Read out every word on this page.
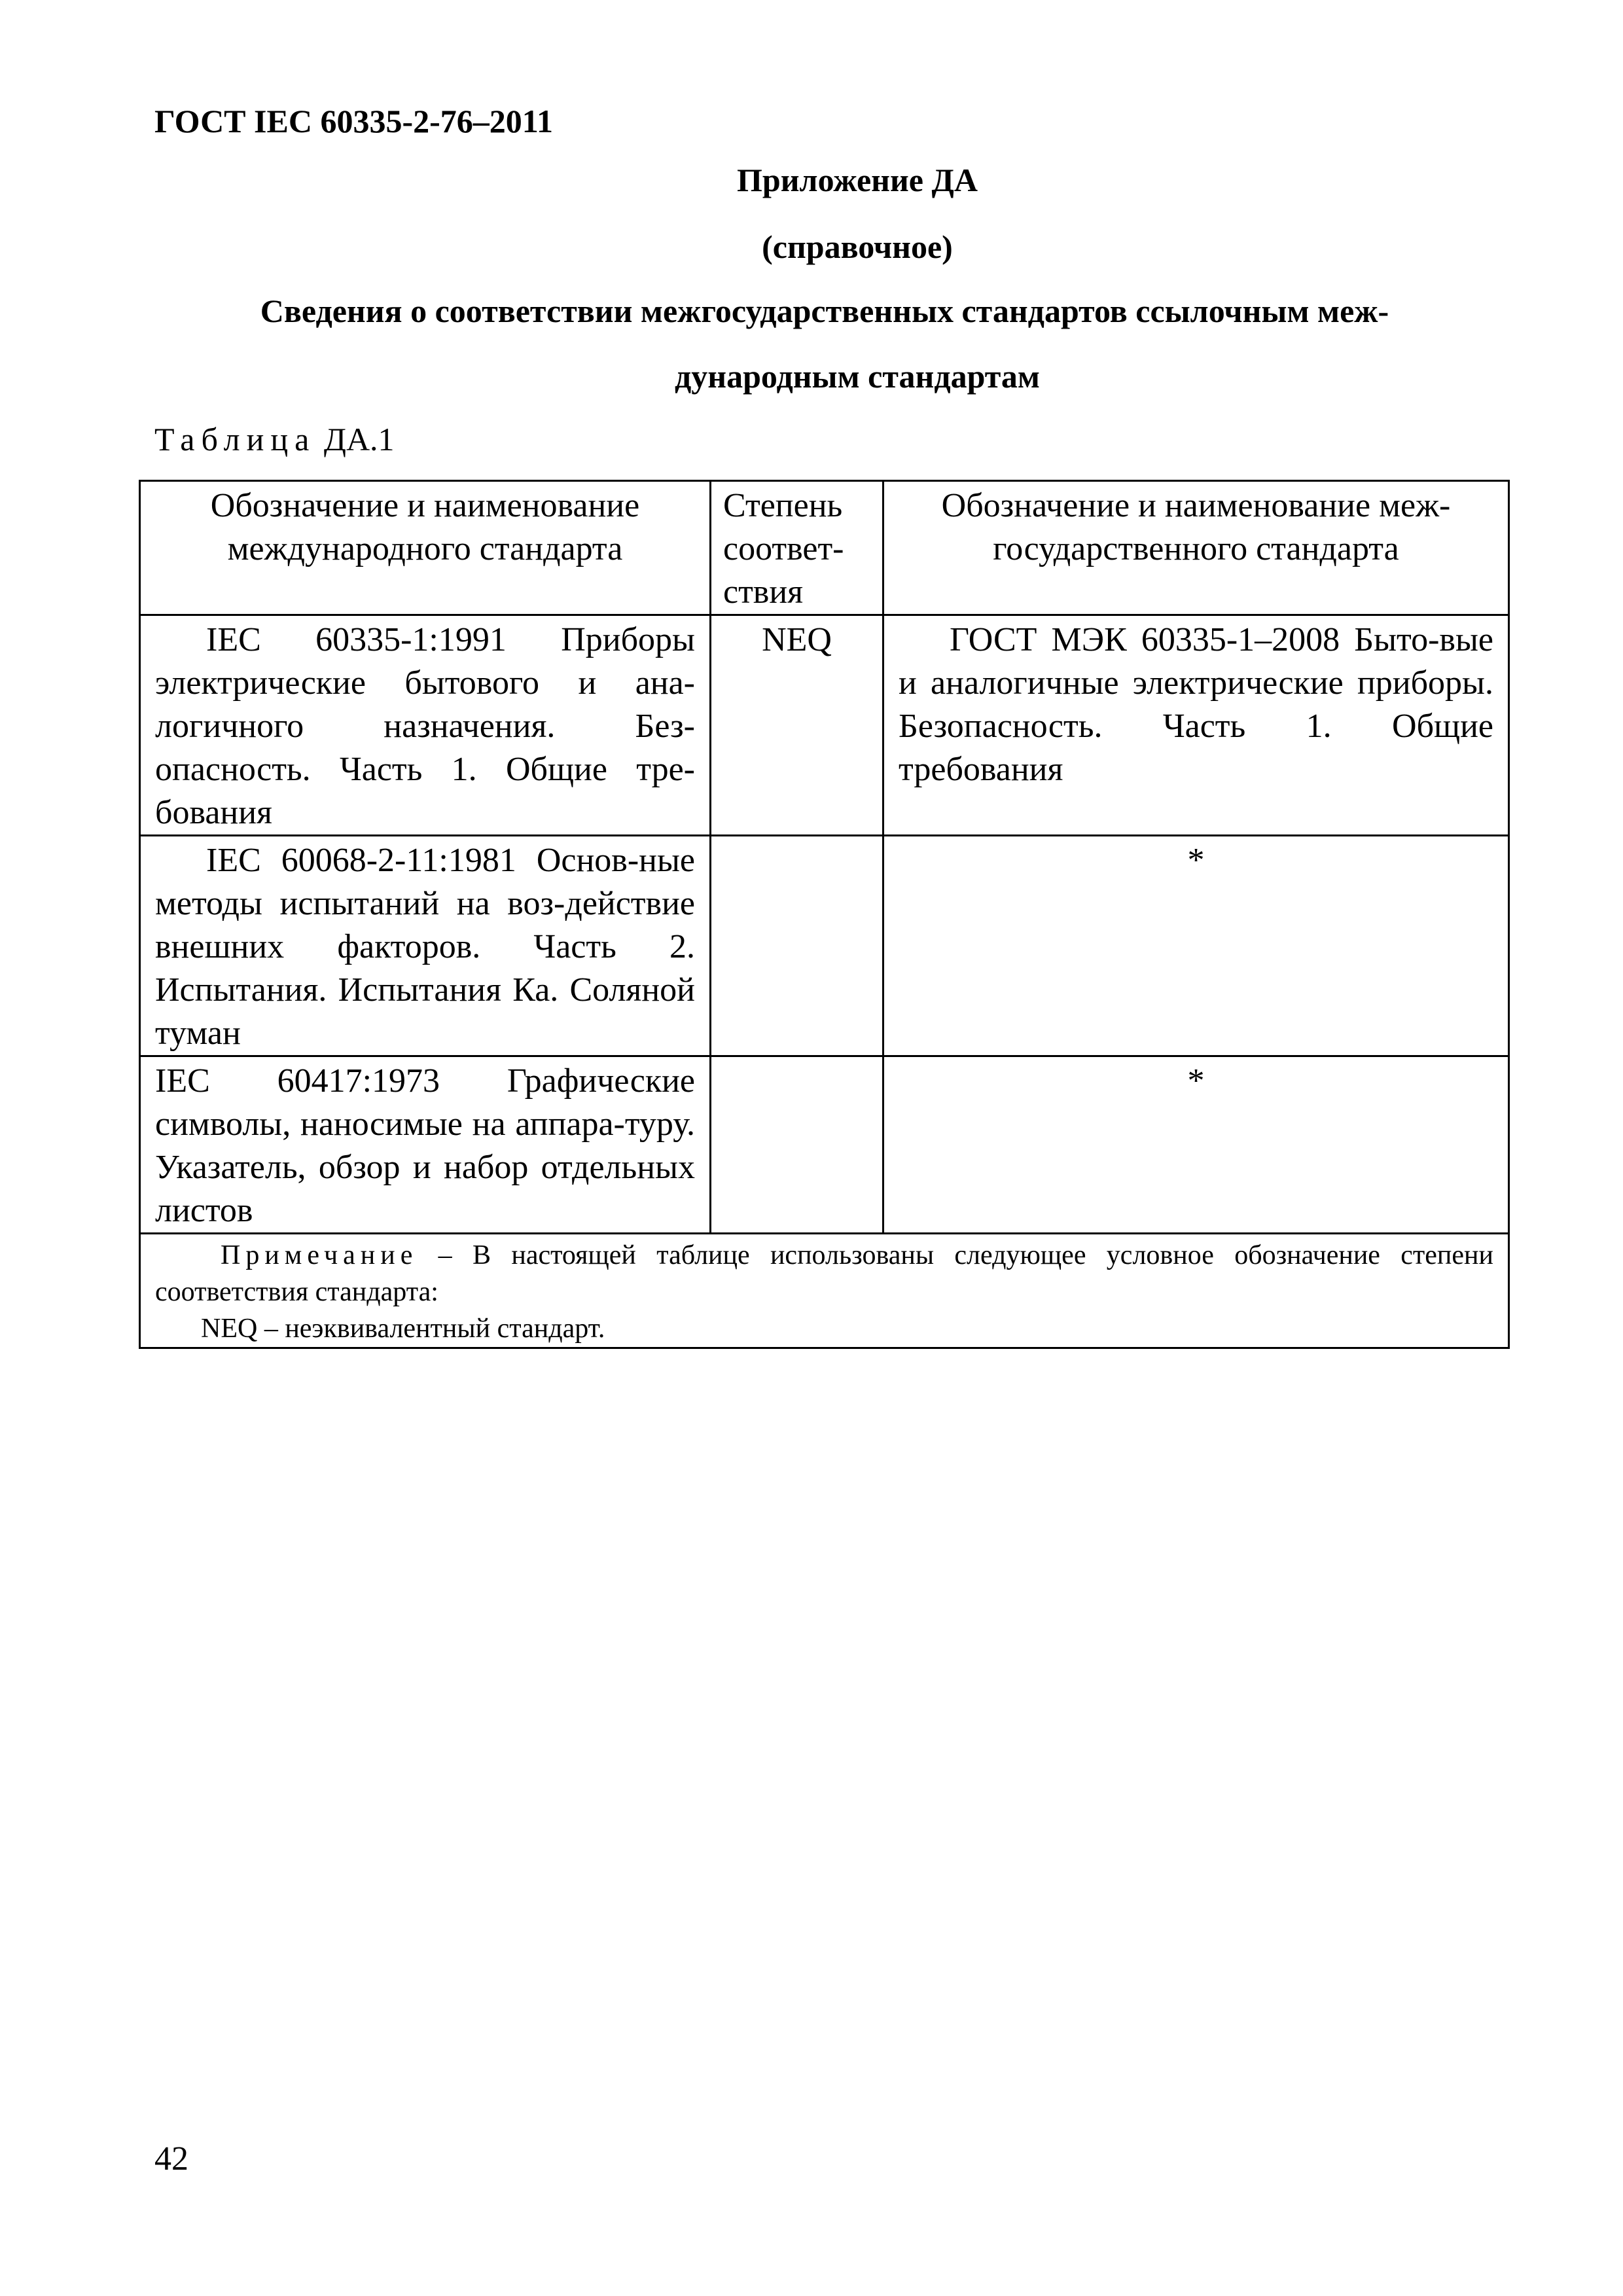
ГОСТ IEC 60335-2-76–2011
Приложение ДА
(справочное)
Сведения о соответствии межгосударственных стандартов ссылочным меж-
дународным стандартам
Таблица ДА.1
Обозначение и наименование международного стандарта	Степень соответ-ствия	Обозначение и наименование меж-государственного стандарта
IEC 60335-1:1991 Приборы электрические бытового и ана-логичного назначения. Без-опасность. Часть 1. Общие тре-бования	NEQ	ГОСТ МЭК 60335-1–2008 Быто-вые и аналогичные электрические приборы. Безопасность. Часть 1. Общие требования
IEC 60068-2-11:1981 Основ-ные методы испытаний на воз-действие внешних факторов. Часть 2. Испытания. Испытания Ка. Соляной туман		*
IEC 60417:1973 Графические символы, наносимые на аппара-туру. Указатель, обзор и набор отдельных листов		*

Примечание – В настоящей таблице использованы следующее условное обозначение степени соответствия стандарта:
NEQ – неэквивалентный стандарт.		
42
